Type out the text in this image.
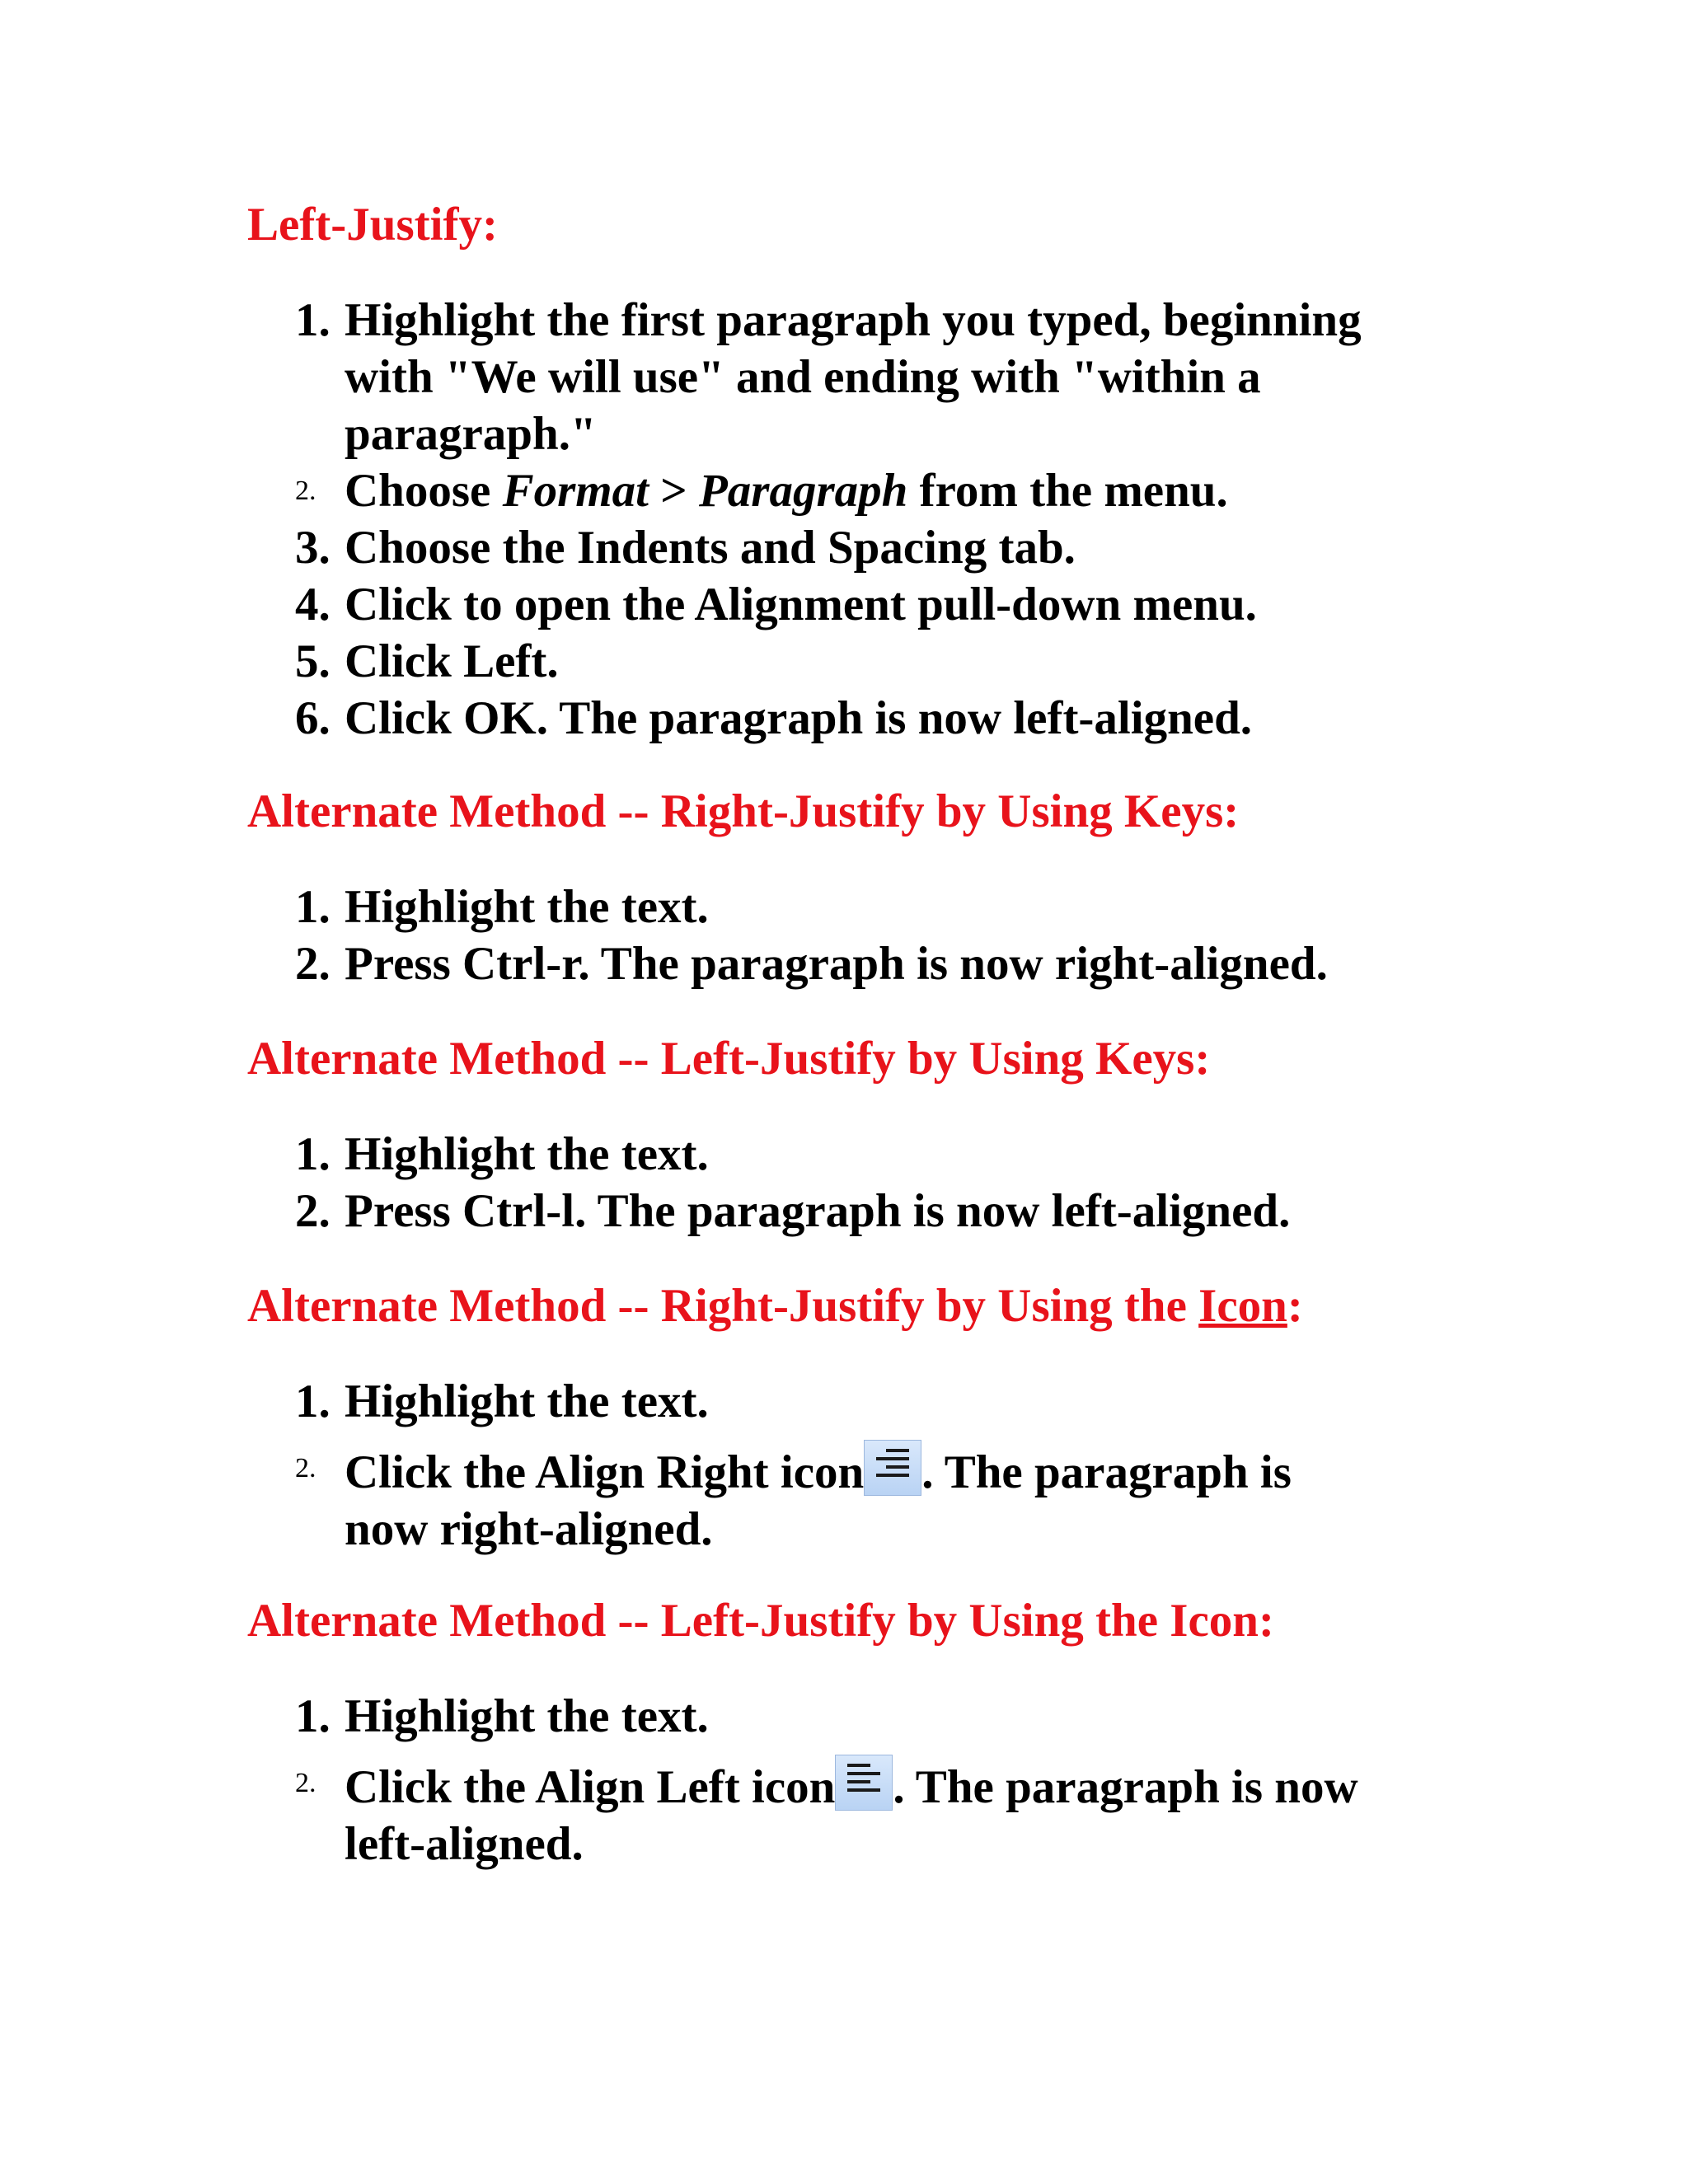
Left-Justify:
1. Highlight the first paragraph you typed, beginning
with "We will use" and ending with "within a
paragraph."
2. Choose Format > Paragraph from the menu.
3. Choose the Indents and Spacing tab.
4. Click to open the Alignment pull-down menu.
5. Click Left.
6. Click OK. The paragraph is now left-aligned.
Alternate Method -- Right-Justify by Using Keys:
1. Highlight the text.
2. Press Ctrl-r. The paragraph is now right-aligned.
Alternate Method -- Left-Justify by Using Keys:
1. Highlight the text.
2. Press Ctrl-l. The paragraph is now left-aligned.
Alternate Method -- Right-Justify by Using the Icon:
1. Highlight the text.
2. Click the Align Right icon . The paragraph is
now right-aligned.
Alternate Method -- Left-Justify by Using the Icon:
1. Highlight the text.
2. Click the Align Left icon . The paragraph is now
left-aligned.
